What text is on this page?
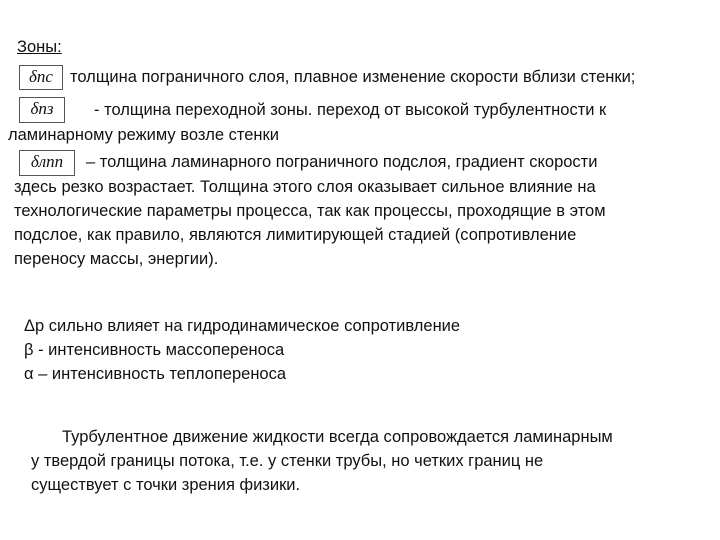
Зоны:
δпс	толщина пограничного слоя, плавное изменение скорости вблизи стенки;
δпз	- толщина переходной зоны. переход от высокой турбулентности к
ламинарному режиму возле стенки
δлпп	– толщина ламинарного пограничного подслоя, градиент скорости
здесь резко возрастает. Толщина этого слоя оказывает сильное влияние на
технологические параметры процесса, так как процессы, проходящие в этом
подслое, как правило, являются лимитирующей стадией (сопротивление
переносу массы, энергии).
Δр сильно влияет на гидродинамическое сопротивление
β - интенсивность массопереноса
α – интенсивность теплопереноса
Турбулентное движение жидкости всегда сопровождается ламинарным
у твердой границы потока, т.е. у стенки трубы, но четких границ не
существует с точки зрения физики.
